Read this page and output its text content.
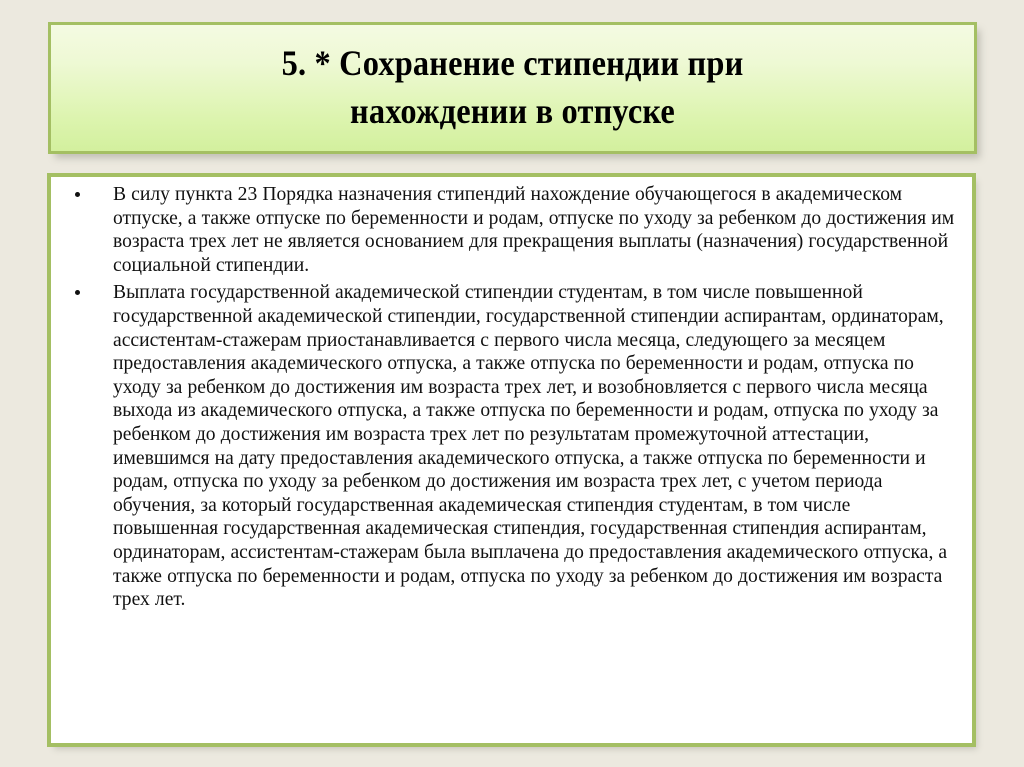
5. * Сохранение стипендии при
нахождении в отпуске
В силу пункта 23 Порядка назначения стипендий нахождение обучающегося в академическом отпуске, а также отпуске по беременности и родам, отпуске по уходу за ребенком до достижения им возраста трех лет не является основанием для прекращения выплаты (назначения) государственной социальной стипендии.
Выплата государственной академической стипендии студентам, в том числе повышенной государственной академической стипендии, государственной стипендии аспирантам, ординаторам, ассистентам-стажерам приостанавливается с первого числа месяца, следующего за месяцем предоставления академического отпуска, а также отпуска по беременности и родам, отпуска по уходу за ребенком до достижения им возраста трех лет, и возобновляется с первого числа месяца выхода из академического отпуска, а также отпуска по беременности и родам, отпуска по уходу за ребенком до достижения им возраста трех лет по результатам промежуточной аттестации, имевшимся на дату предоставления академического отпуска, а также отпуска по беременности и родам, отпуска по уходу за ребенком до достижения им возраста трех лет, с учетом периода обучения, за который государственная академическая стипендия студентам, в том числе повышенная государственная академическая стипендия, государственная стипендия аспирантам, ординаторам, ассистентам-стажерам была выплачена до предоставления академического отпуска, а также отпуска по беременности и родам, отпуска по уходу за ребенком до достижения им возраста трех лет.
